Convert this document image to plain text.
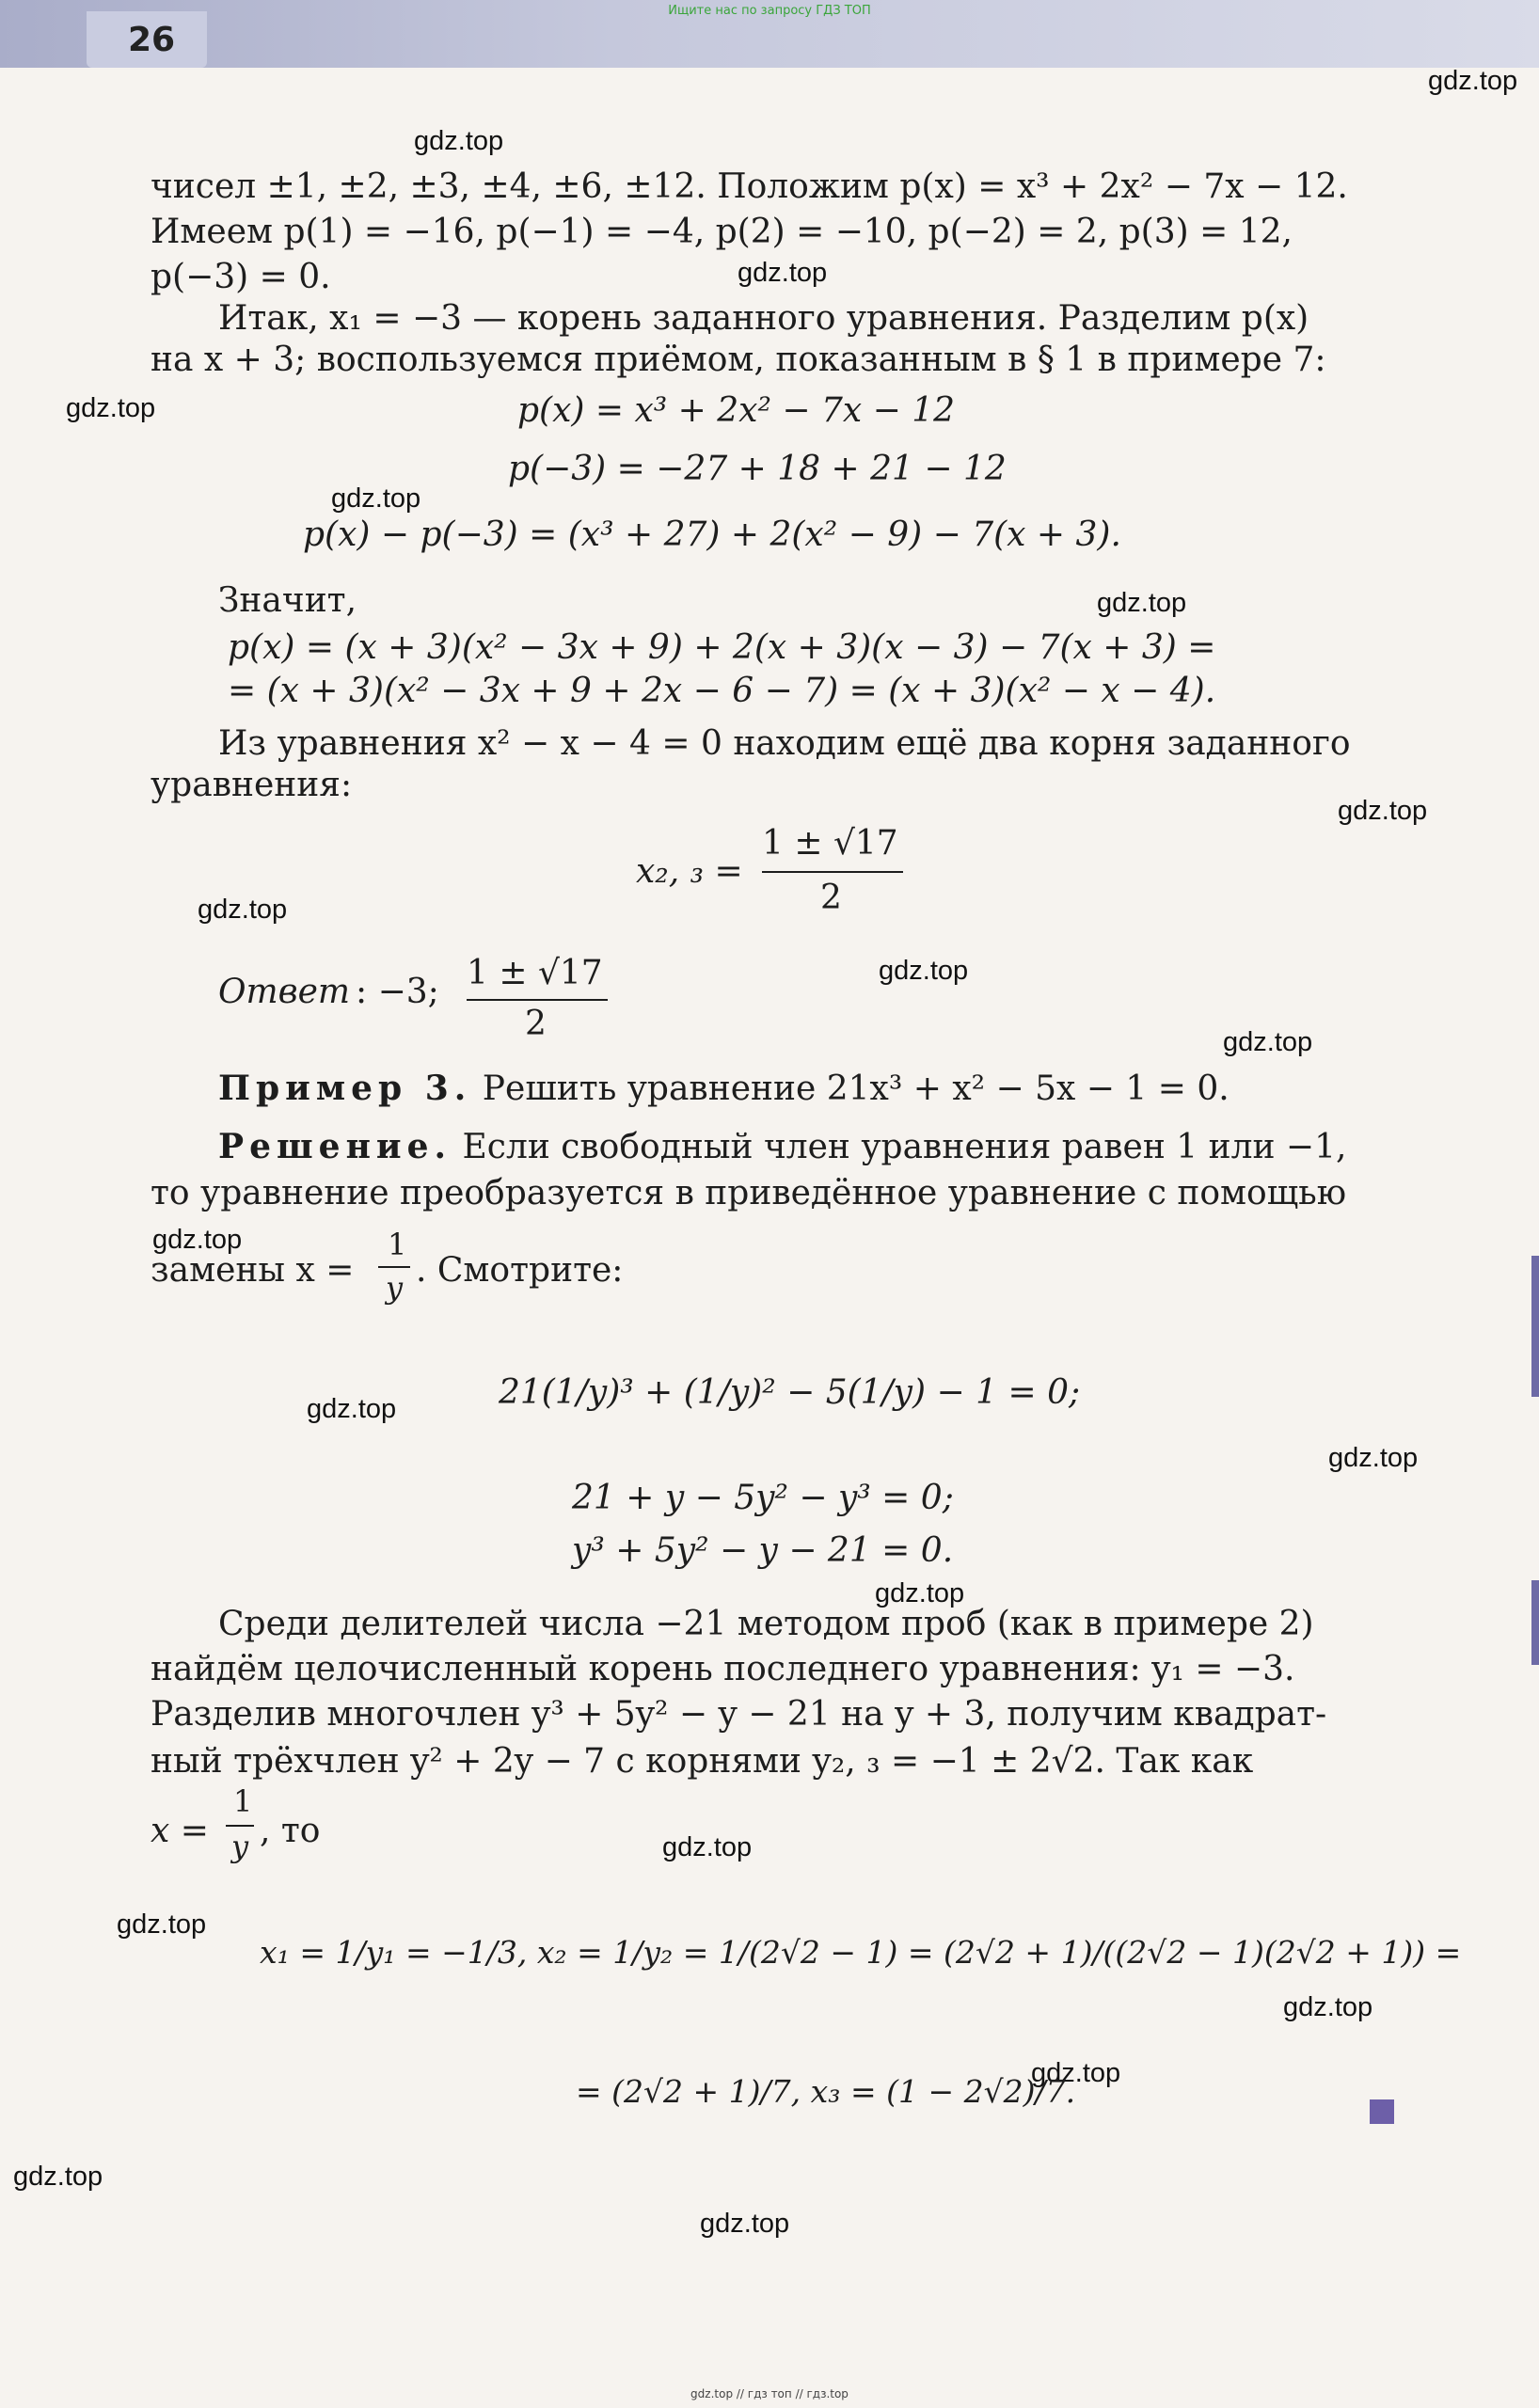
26
Ищите нас по запросу ГДЗ ТОП
gdz.top
gdz.top
gdz.top
gdz.top
gdz.top
gdz.top
gdz.top
gdz.top
gdz.top
gdz.top
gdz.top
gdz.top
gdz.top
gdz.top
gdz.top
gdz.top
gdz.top
gdz.top
gdz.top
gdz.top
чисел ±1, ±2, ±3, ±4, ±6, ±12. Положим p(x) = x³ + 2x² − 7x − 12.
Имеем p(1) = −16, p(−1) = −4, p(2) = −10, p(−2) = 2, p(3) = 12,
p(−3) = 0.
Итак, x₁ = −3 — корень заданного уравнения. Разделим p(x)
на x + 3; воспользуемся приёмом, показанным в § 1 в примере 7:
p(x) = x³ + 2x² − 7x − 12
p(−3) = −27 + 18 + 21 − 12
p(x) − p(−3) = (x³ + 27) + 2(x² − 9) − 7(x + 3).
Значит,
p(x) = (x + 3)(x² − 3x + 9) + 2(x + 3)(x − 3) − 7(x + 3) =
= (x + 3)(x² − 3x + 9 + 2x − 6 − 7) = (x + 3)(x² − x − 4).
Из уравнения x² − x − 4 = 0 находим ещё два корня заданного
уравнения:
x₂, ₃ =
1 ± √17
2
Ответ : −3; 1 ± √17
2
Пример 3. Решить уравнение 21x³ + x² − 5x − 1 = 0.
Решение. Если свободный член уравнения равен 1 или −1,
то уравнение преобразуется в приведённое уравнение с помощью
замены x =
1
y . Смотрите:
21(1/y)³ + (1/y)² − 5(1/y) − 1 = 0;
21 + y − 5y² − y³ = 0;
y³ + 5y² − y − 21 = 0.
Среди делителей числа −21 методом проб (как в примере 2)
найдём целочисленный корень последнего уравнения: y₁ = −3.
Разделив многочлен y³ + 5y² − y − 21 на y + 3, получим квадрат-
ный трёхчлен y² + 2y − 7 с корнями y₂, ₃ = −1 ± 2√2. Так как
x =
1
y , то
x₁ = 1/y₁ = −1/3, x₂ = 1/y₂ = 1/(2√2 − 1) = (2√2 + 1)/((2√2 − 1)(2√2 + 1)) =
= (2√2 + 1)/7, x₃ = (1 − 2√2)/7.
gdz.top // гдз топ // гдз.top
